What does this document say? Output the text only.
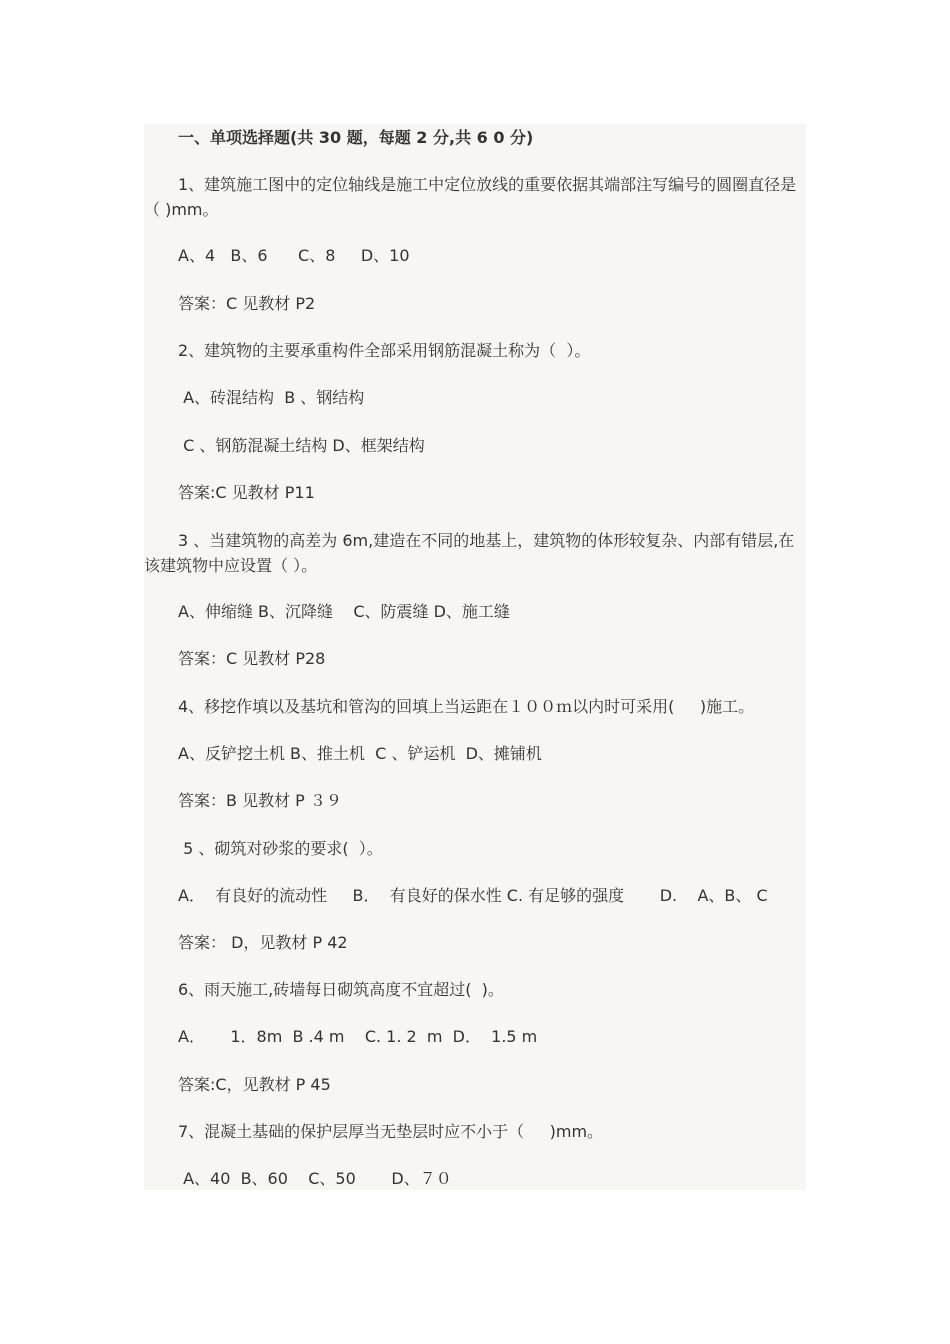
一、单项选择题(共 30 题，每题 2 分,共 6 0 分)
1、建筑施工图中的定位轴线是施工中定位放线的重要依据其端部注写编号的圆圈直径是（ )mm。
A、4   B、6      C、8     D、10
答案：C 见教材 P2
2、建筑物的主要承重构件全部采用钢筋混凝土称为（  ）。
A、砖混结构  B 、钢结构
C 、钢筋混凝土结构 D、框架结构
答案:C 见教材 P11
3 、当建筑物的高差为 6m,建造在不同的地基上，建筑物的体形较复杂、内部有错层,在该建筑物中应设置（ ）。
A、伸缩缝 B、沉降缝    C、防震缝 D、施工缝
答案：C 见教材 P28
4、移挖作填以及基坑和管沟的回填上当运距在１００ｍ以内时可采用(     )施工。
A、反铲挖土机 B、推土机  C 、铲运机  D、摊铺机
答案：B 见教材 P ３９
5 、砌筑对砂浆的要求(  ）。
A．  有良好的流动性     B．  有良好的保水性 C. 有足够的强度       D.    A、B、 C
答案： D，见教材 P 42
6、雨天施工,砖墙每日砌筑高度不宜超过(  )。
A．     1．8m  B .4 m    C. 1. 2  m  D．  1.5 m
答案:C，见教材 P 45
7、混凝土基础的保护层厚当无垫层时应不小于（     )mm。
A、40  B、60    C、50       D、７０
